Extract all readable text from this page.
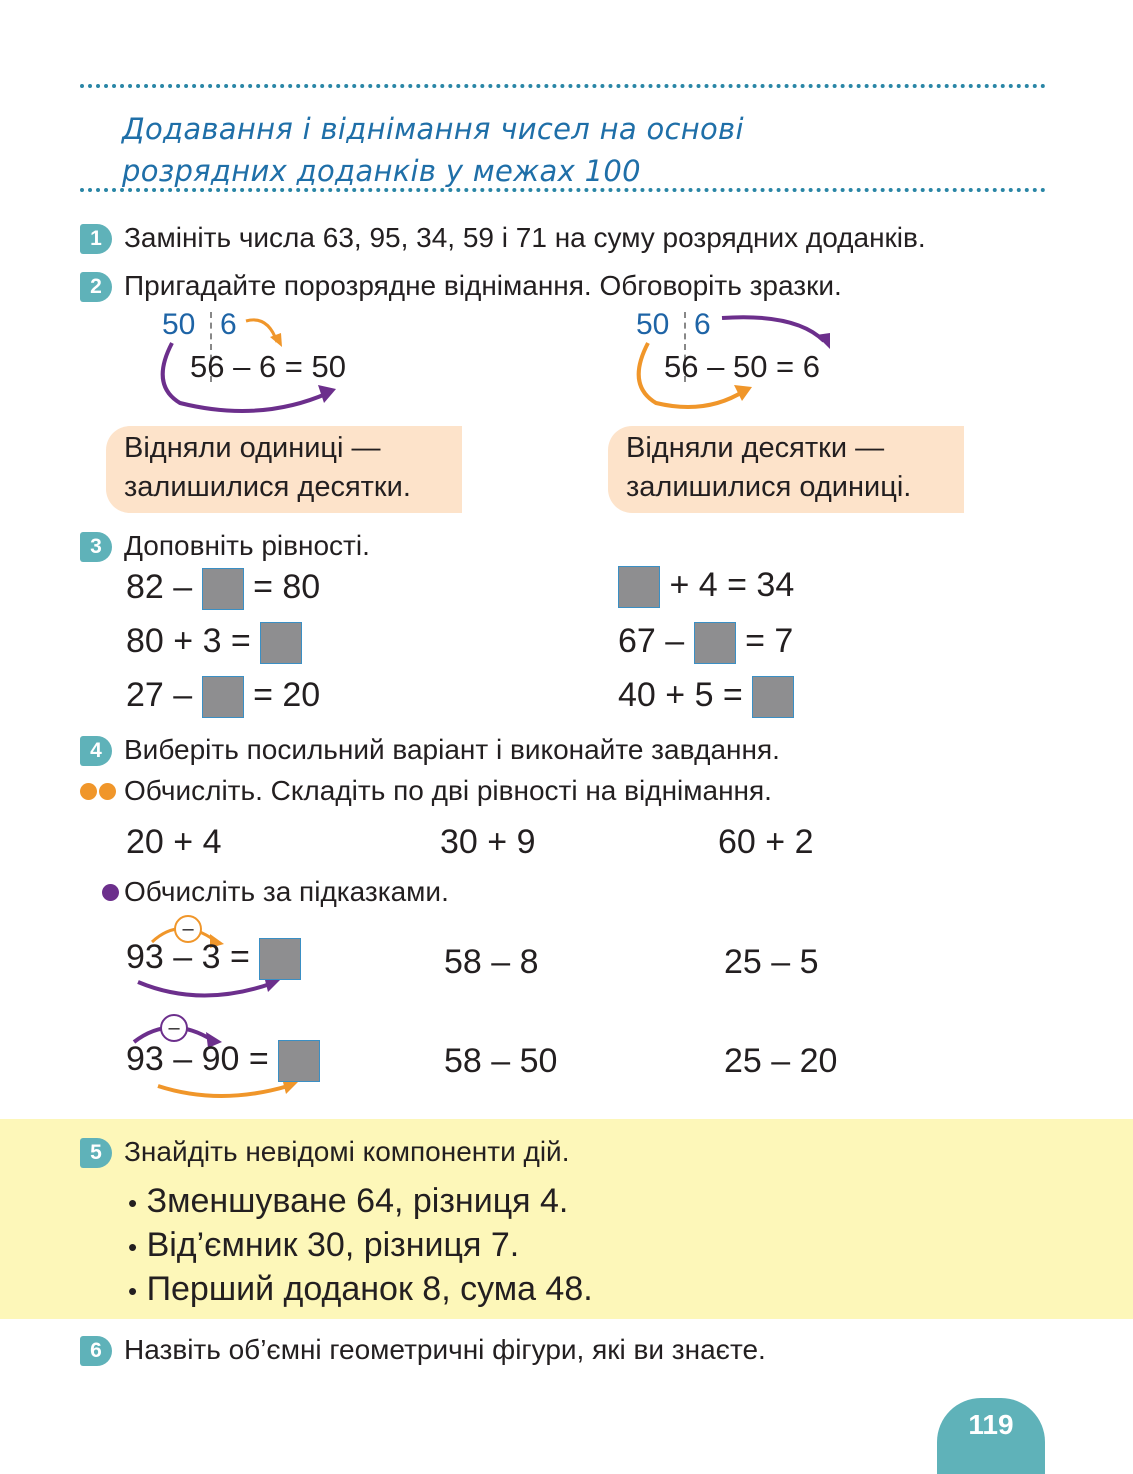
Додавання і віднімання чисел на основі
розрядних доданків у межах 100
1 Замініть числа 63, 95, 34, 59 і 71 на суму розрядних доданків.
2 Пригадайте порозрядне віднімання. Обговоріть зразки.
50 6
56 – 6 = 50
Відняли одиниці —
залишилися десятки.
50 6
56 – 50 = 6
Відняли десятки —
залишилися одиниці.
3 Доповніть рівності.
82 – = 80
80 + 3 =
27 – = 20
+ 4 = 34
67 – = 7
40 + 5 =
4 Виберіть посильний варіант і виконайте завдання.
Обчисліть. Складіть по дві рівності на віднімання.
20 + 4	30 + 9	60 + 2
Обчисліть за підказками.
–
93 – 3 =	58 – 8	25 – 5
–
93 – 90 =	58 – 50	25 – 20
5 Знайдіть невідомі компоненти дій.
• Зменшуване 64, різниця 4.
• Від’ємник 30, різниця 7.
• Перший доданок 8, сума 48.
6 Назвіть об’ємні геометричні фігури, які ви знаєте.
119
